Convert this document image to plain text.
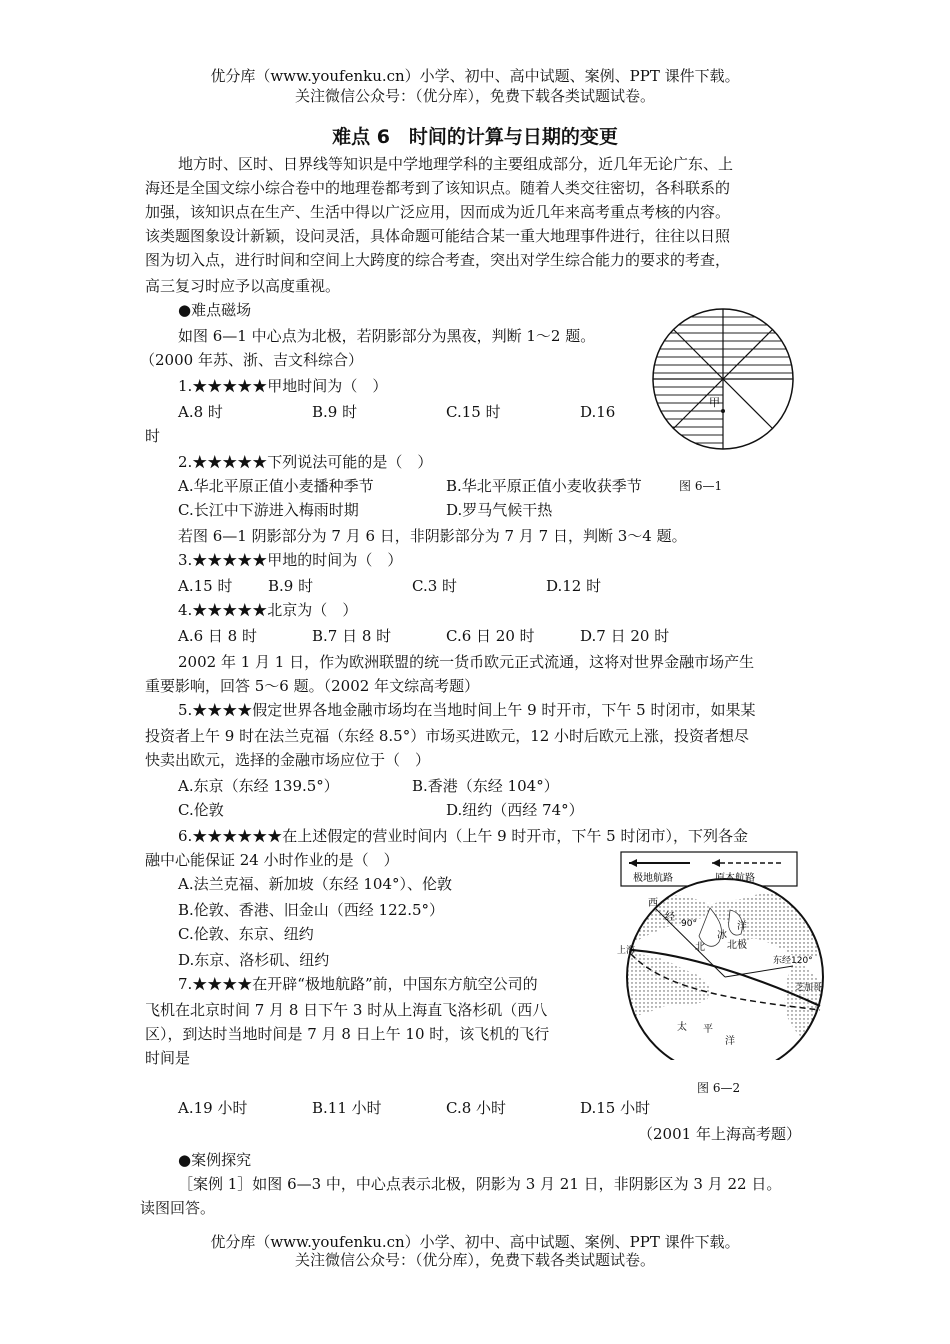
优分库（www.youfenku.cn）小学、初中、高中试题、案例、PPT 课件下载。
关注微信公众号：（优分库），免费下载各类试题试卷。
难点 6　时间的计算与日期的变更
地方时、区时、日界线等知识是中学地理学科的主要组成部分，近几年无论广东、上
海还是全国文综小综合卷中的地理卷都考到了该知识点。随着人类交往密切，各科联系的
加强，该知识点在生产、生活中得以广泛应用，因而成为近几年来高考重点考核的内容。
该类题图象设计新颖，设问灵活，具体命题可能结合某一重大地理事件进行，往往以日照
图为切入点，进行时间和空间上大跨度的综合考查，突出对学生综合能力的要求的考查，
高三复习时应予以高度重视。
●难点磁场
如图 6—1 中心点为北极，若阴影部分为黑夜，判断 1～2 题。
（2000 年苏、浙、吉文科综合）
甲
图 6—1
1.★★★★★甲地时间为（　）
A.8 时	B.9 时	C.15 时	D.16
时
2.★★★★★下列说法可能的是（　）
A.华北平原正值小麦播种季节	B.华北平原正值小麦收获季节
C.长江中下游进入梅雨时期	D.罗马气候干热
若图 6—1 阴影部分为 7 月 6 日，非阴影部分为 7 月 7 日，判断 3～4 题。
3.★★★★★甲地的时间为（　）
A.15 时 B.9 时	C.3 时	D.12 时
4.★★★★★北京为（　）
A.6 日 8 时	B.7 日 8 时	C.6 日 20 时	D.7 日 20 时
2002 年 1 月 1 日，作为欧洲联盟的统一货币欧元正式流通，这将对世界金融市场产生
重要影响，回答 5～6 题。（2002 年文综高考题）
5.★★★★假定世界各地金融市场均在当地时间上午 9 时开市，下午 5 时闭市，如果某
投资者上午 9 时在法兰克福（东经 8.5°）市场买进欧元，12 小时后欧元上涨，投资者想尽
快卖出欧元，选择的金融市场应位于（　）
A.东京（东经 139.5°）	B.香港（东经 104°）
C.伦敦	D.纽约（西经 74°）
6.★★★★★★在上述假定的营业时间内（上午 9 时开市，下午 5 时闭市），下列各金
融中心能保证 24 小时作业的是（　）
A.法兰克福、新加坡（东经 104°）、伦敦
B.伦敦、香港、旧金山（西经 122.5°）
C.伦敦、东京、纽约
D.东京、洛杉矶、纽约
7.★★★★在开辟“极地航路”前，中国东方航空公司的
飞机在北京时间 7 月 8 日下午 3 时从上海直飞洛杉矶（西八
区），到达时当地时间是 7 月 8 日上午 10 时，该飞机的飞行
时间是
A.19 小时	B.11 小时	C.8 小时	D.15 小时
（2001 年上海高考题）
极地航路	原本航路
西
经
90°	洋
冰
北 北极
上海
东经120°
芝加哥
太 平
洋
图 6—2
●案例探究
［案例 1］如图 6—3 中，中心点表示北极，阴影为 3 月 21 日，非阴影区为 3 月 22 日。
读图回答。
优分库（www.youfenku.cn）小学、初中、高中试题、案例、PPT 课件下载。
关注微信公众号：（优分库），免费下载各类试题试卷。
